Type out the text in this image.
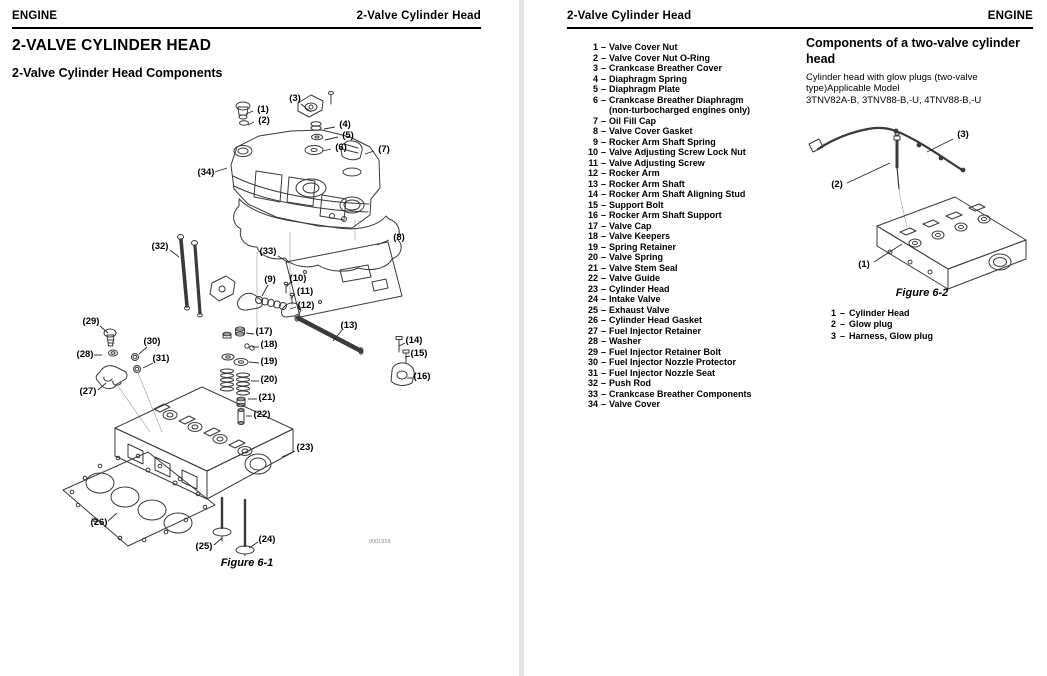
ENGINE	2-Valve Cylinder Head
2-VALVE CYLINDER HEAD
2-Valve Cylinder Head Components
(1)
(2)
(3)
(4)
(5)
(6)	(7)
(8)
(9) (10)
(11)
(12)
(13)
(14)
(15)
(16)
(17)
(18)
(19)
(20)
(21)
(22)
(23)
(24)
(25)
(26)
(27)
(28)
(29)
(30)
(31)
(32)	(33)
(34)
0001919
Figure 6-1
2-Valve Cylinder Head	ENGINE
1 – Valve Cover Nut
2 – Valve Cover Nut O-Ring
3 – Crankcase Breather Cover
4 – Diaphragm Spring
5 – Diaphragm Plate
6 – Crankcase Breather Diaphragm
(non-turbocharged engines only)
7 – Oil Fill Cap
8 – Valve Cover Gasket
9 – Rocker Arm Shaft Spring
10 – Valve Adjusting Screw Lock Nut
11 – Valve Adjusting Screw
12 – Rocker Arm
13 – Rocker Arm Shaft
14 – Rocker Arm Shaft Aligning Stud
15 – Support Bolt
16 – Rocker Arm Shaft Support
17 – Valve Cap
18 – Valve Keepers
19 – Spring Retainer
20 – Valve Spring
21 – Valve Stem Seal
22 – Valve Guide
23 – Cylinder Head
24 – Intake Valve
25 – Exhaust Valve
26 – Cylinder Head Gasket
27 – Fuel Injector Retainer
28 – Washer
29 – Fuel Injector Retainer Bolt
30 – Fuel Injector Nozzle Protector
31 – Fuel Injector Nozzle Seat
32 – Push Rod
33 – Crankcase Breather Components
34 – Valve Cover
Components of a two-valve cylinder head
Cylinder head with glow plugs (two-valve
type)Applicable Model
3TNV82A-B, 3TNV88-B,-U, 4TNV88-B,-U
(1)
(2)
(3)
Figure 6-2
1 – Cylinder Head
2 – Glow plug
3 – Harness, Glow plug
